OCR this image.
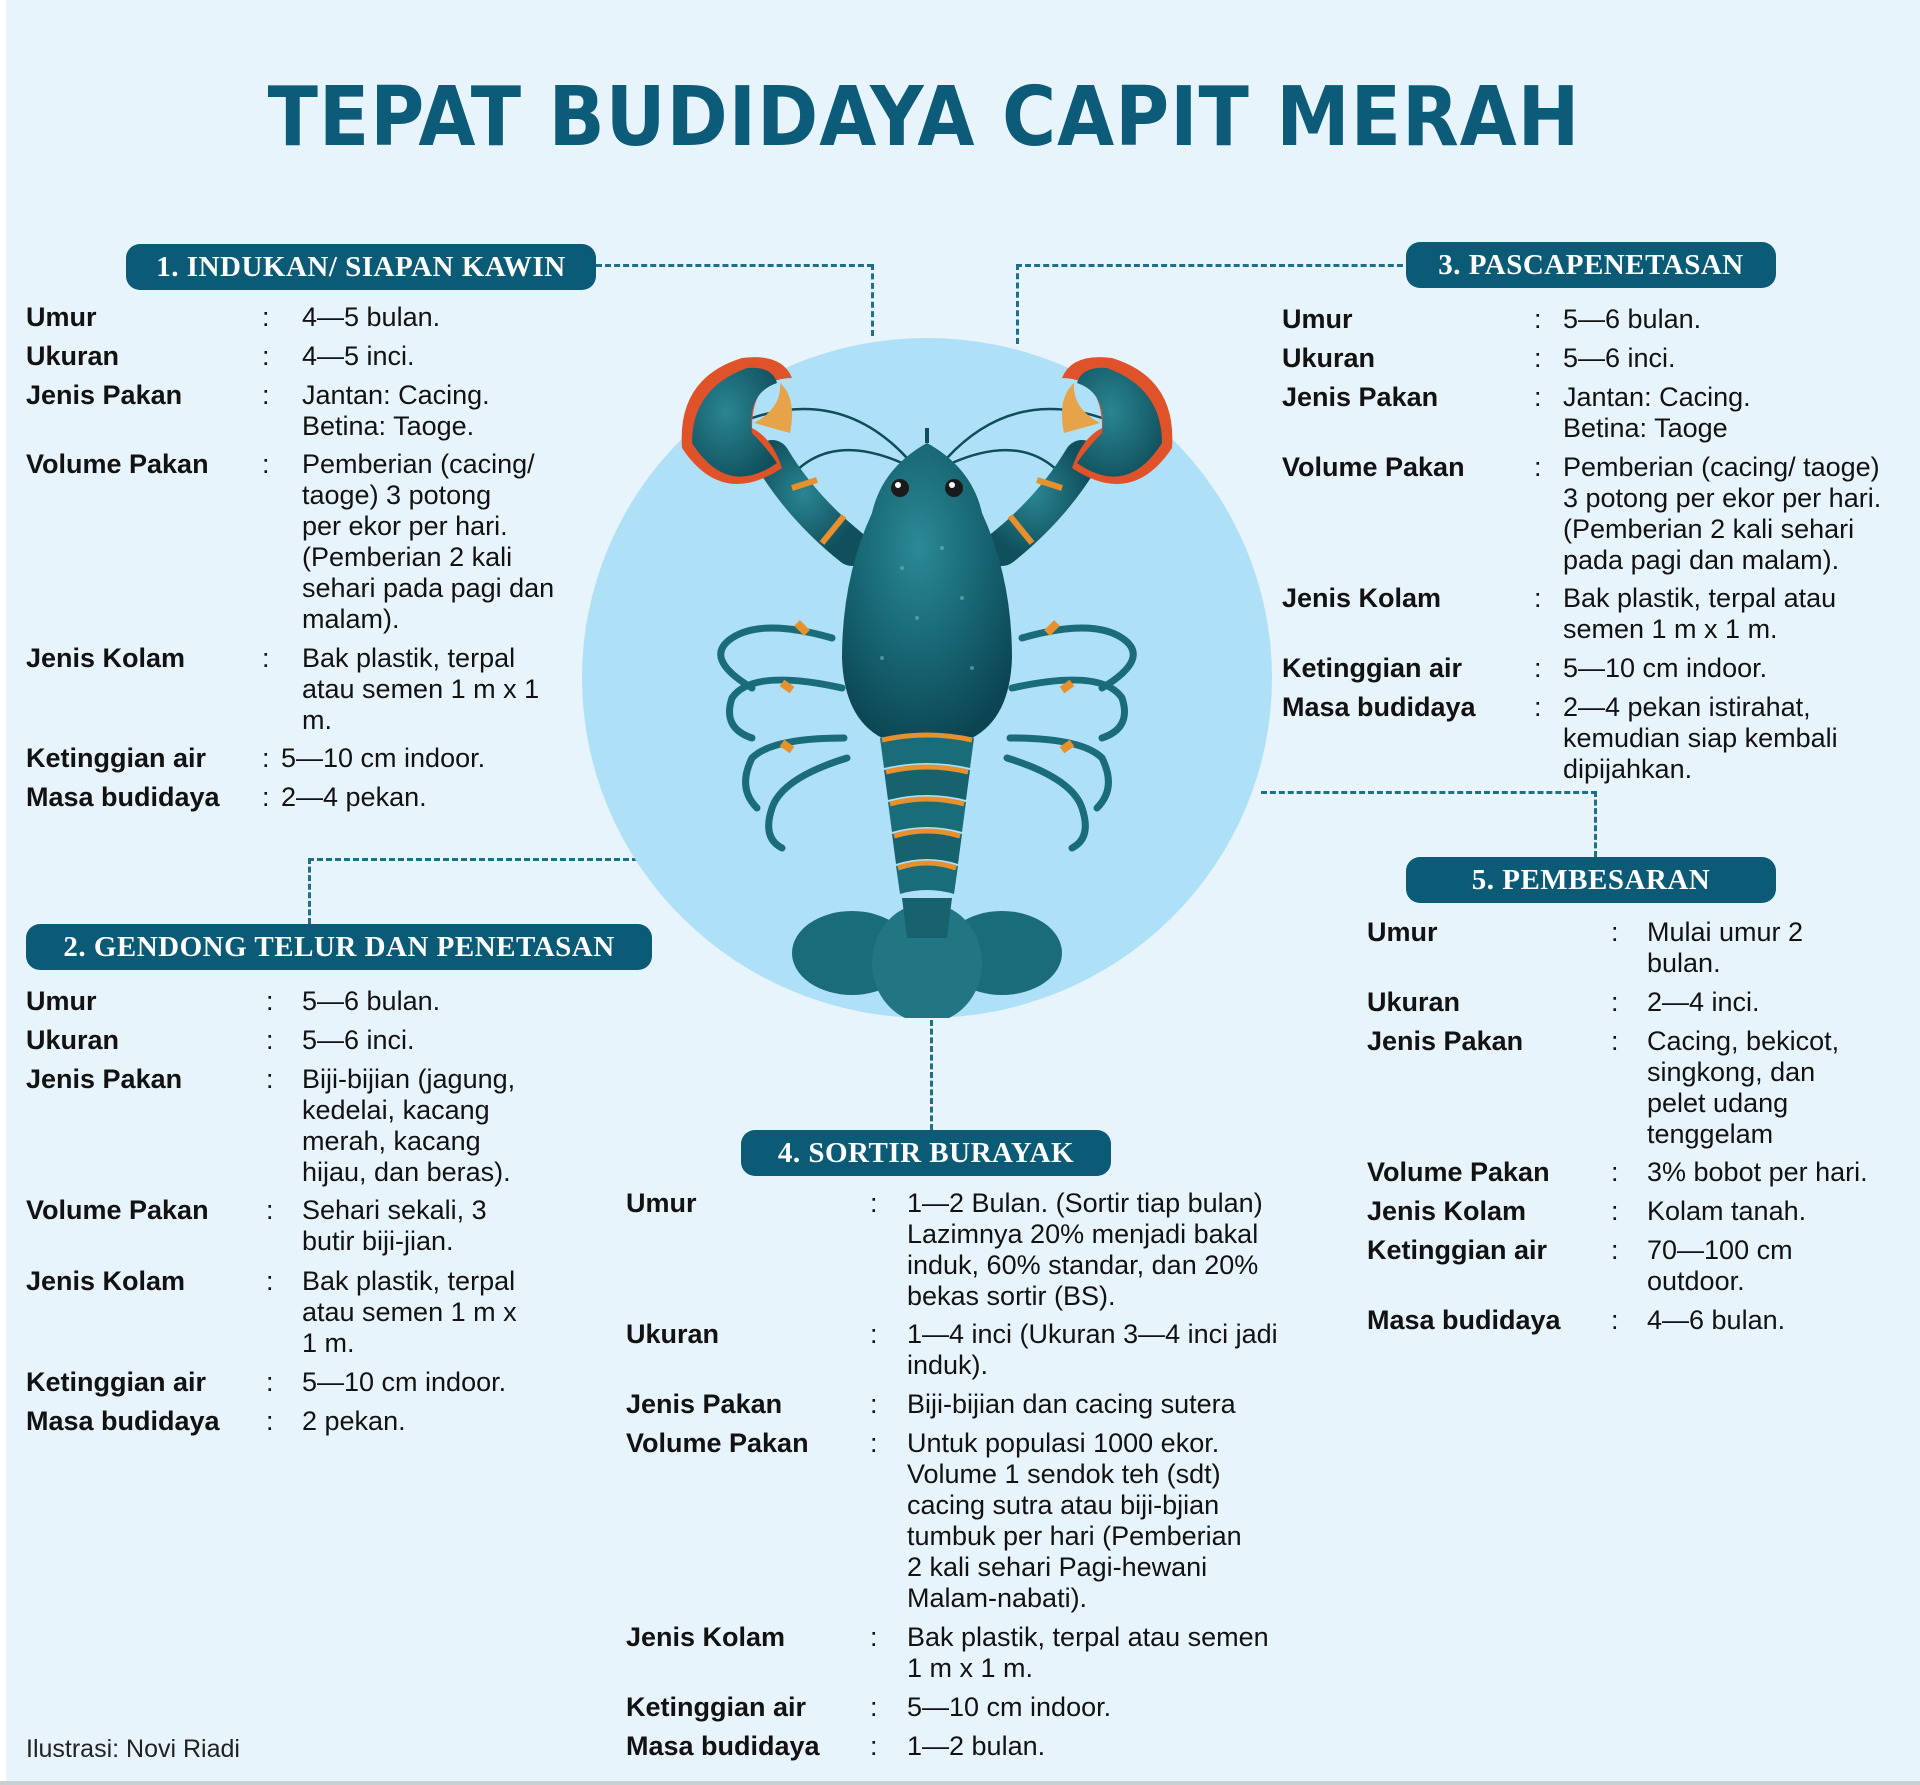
TEPAT BUDIDAYA CAPIT MERAH
1. INDUKAN/ SIAPAN KAWIN
2. GENDONG TELUR DAN PENETASAN
3. PASCAPENETASAN
4. SORTIR BURAYAK
5. PEMBESARAN
Umur	: 4—5 bulan.
Ukuran	: 4—5 inci.
Jenis Pakan	: Jantan: Cacing.
Betina: Taoge.
Volume Pakan : Pemberian (cacing/
taoge) 3 potong
per ekor per hari.
(Pemberian 2 kali
sehari pada pagi dan
malam).
Jenis Kolam	: Bak plastik, terpal
atau semen 1 m x 1
m.
Ketinggian air : 5—10 cm indoor.
Masa budidaya : 2—4 pekan.
Umur	: 5—6 bulan.
Ukuran	: 5—6 inci.
Jenis Pakan	: Biji-bijian (jagung,
kedelai, kacang
merah, kacang
hijau, dan beras).
Volume Pakan : Sehari sekali, 3
butir biji-jian.
Jenis Kolam	: Bak plastik, terpal
atau semen 1 m x
1 m.
Ketinggian air : 5—10 cm indoor.
Masa budidaya : 2 pekan.
Umur	: 5—6 bulan.
Ukuran	: 5—6 inci.
Jenis Pakan	: Jantan: Cacing.
Betina: Taoge
Volume Pakan	: Pemberian (cacing/ taoge)
3 potong per ekor per hari.
(Pemberian 2 kali sehari
pada pagi dan malam).
Jenis Kolam	: Bak plastik, terpal atau
semen 1 m x 1 m.
Ketinggian air	: 5—10 cm indoor.
Masa budidaya : 2—4 pekan istirahat,
kemudian siap kembali
dipijahkan.
Umur	: 1—2 Bulan. (Sortir tiap bulan)
Lazimnya 20% menjadi bakal
induk, 60% standar, dan 20%
bekas sortir (BS).
Ukuran	: 1—4 inci (Ukuran 3—4 inci jadi
induk).
Jenis Pakan	: Biji-bijian dan cacing sutera
Volume Pakan : Untuk populasi 1000 ekor.
Volume 1 sendok teh (sdt)
cacing sutra atau biji-bjian
tumbuk per hari (Pemberian
2 kali sehari Pagi-hewani
Malam-nabati).
Jenis Kolam	: Bak plastik, terpal atau semen
1 m x 1 m.
Ketinggian air : 5—10 cm indoor.
Masa budidaya : 1—2 bulan.
Umur	: Mulai umur 2
bulan.
Ukuran	: 2—4 inci.
Jenis Pakan	: Cacing, bekicot,
singkong, dan
pelet udang
tenggelam
Volume Pakan : 3% bobot per hari.
Jenis Kolam	: Kolam tanah.
Ketinggian air : 70—100 cm
outdoor.
Masa budidaya : 4—6 bulan.
Ilustrasi: Novi Riadi
